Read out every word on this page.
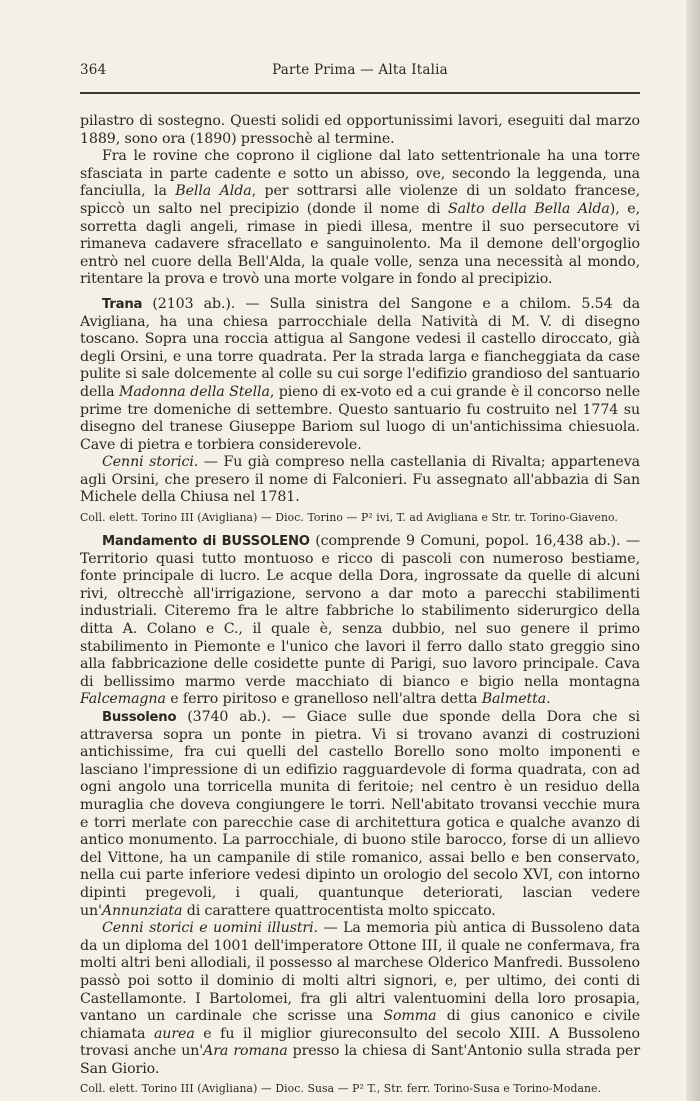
364	Parte Prima — Alta Italia

pilastro di sostegno. Questi solidi ed opportunissimi lavori, eseguiti dal marzo 1889, sono ora (1890) pressochè al termine.

Fra le rovine che coprono il ciglione dal lato settentrionale ha una torre sfasciata in parte cadente e sotto un abisso, ove, secondo la leggenda, una fanciulla, la Bella Alda, per sottrarsi alle violenze di un soldato francese, spiccò un salto nel precipizio (donde il nome di Salto della Bella Alda), e, sorretta dagli angeli, rimase in piedi illesa, mentre il suo persecutore vi rimaneva cadavere sfracellato e sanguinolento. Ma il demone dell'orgoglio entrò nel cuore della Bell'Alda, la quale volle, senza una necessità al mondo, ritentare la prova e trovò una morte volgare in fondo al precipizio.

Trana (2103 ab.). — Sulla sinistra del Sangone e a chilom. 5.54 da Avigliana, ha una chiesa parrocchiale della Natività di M. V. di disegno toscano. Sopra una roccia attigua al Sangone vedesi il castello diroccato, già degli Orsini, e una torre quadrata. Per la strada larga e fiancheggiata da case pulite si sale dolcemente al colle su cui sorge l'edifizio grandioso del santuario della Madonna della Stella, pieno di ex-voto ed a cui grande è il concorso nelle prime tre domeniche di settembre. Questo santuario fu costruito nel 1774 su disegno del tranese Giuseppe Bariom sul luogo di un'antichissima chiesuola. Cave di pietra e torbiera considerevole.

Cenni storici. — Fu già compreso nella castellania di Rivalta; apparteneva agli Orsini, che presero il nome di Falconieri. Fu assegnato all'abbazia di San Michele della Chiusa nel 1781.

Coll. elett. Torino III (Avigliana) — Dioc. Torino — P² ivi, T. ad Avigliana e Str. tr. Torino-Giaveno.

Mandamento di BUSSOLENO (comprende 9 Comuni, popol. 16,438 ab.). — Territorio quasi tutto montuoso e ricco di pascoli con numeroso bestiame, fonte principale di lucro. Le acque della Dora, ingrossate da quelle di alcuni rivi, oltrecchè all'irrigazione, servono a dar moto a parecchi stabilimenti industriali. Citeremo fra le altre fabbriche lo stabilimento siderurgico della ditta A. Colano e C., il quale è, senza dubbio, nel suo genere il primo stabilimento in Piemonte e l'unico che lavori il ferro dallo stato greggio sino alla fabbricazione delle cosidette punte di Parigi, suo lavoro principale. Cava di bellissimo marmo verde macchiato di bianco e bigio nella montagna Falcemagna e ferro piritoso e granelloso nell'altra detta Balmetta.

Bussoleno (3740 ab.). — Giace sulle due sponde della Dora che si attraversa sopra un ponte in pietra. Vi si trovano avanzi di costruzioni antichissime, fra cui quelli del castello Borello sono molto imponenti e lasciano l'impressione di un edifizio ragguardevole di forma quadrata, con ad ogni angolo una torricella munita di feritoie; nel centro è un residuo della muraglia che doveva congiungere le torri. Nell'abitato trovansi vecchie mura e torri merlate con parecchie case di architettura gotica e qualche avanzo di antico monumento. La parrocchiale, di buono stile barocco, forse di un allievo del Vittone, ha un campanile di stile romanico, assai bello e ben conservato, nella cui parte inferiore vedesi dipinto un orologio del secolo XVI, con intorno dipinti pregevoli, i quali, quantunque deteriorati, lascian vedere un'Annunziata di carattere quattrocentista molto spiccato.

Cenni storici e uomini illustri. — La memoria più antica di Bussoleno data da un diploma del 1001 dell'imperatore Ottone III, il quale ne confermava, fra molti altri beni allodiali, il possesso al marchese Olderico Manfredi. Bussoleno passò poi sotto il dominio di molti altri signori, e, per ultimo, dei conti di Castellamonte. I Bartolomei, fra gli altri valentuomini della loro prosapia, vantano un cardinale che scrisse una Somma di gius canonico e civile chiamata aurea e fu il miglior giureconsulto del secolo XIII. A Bussoleno trovasi anche un'Ara romana presso la chiesa di Sant'Antonio sulla strada per San Giorio.

Coll. elett. Torino III (Avigliana) — Dioc. Susa — P² T., Str. ferr. Torino-Susa e Torino-Modane.
